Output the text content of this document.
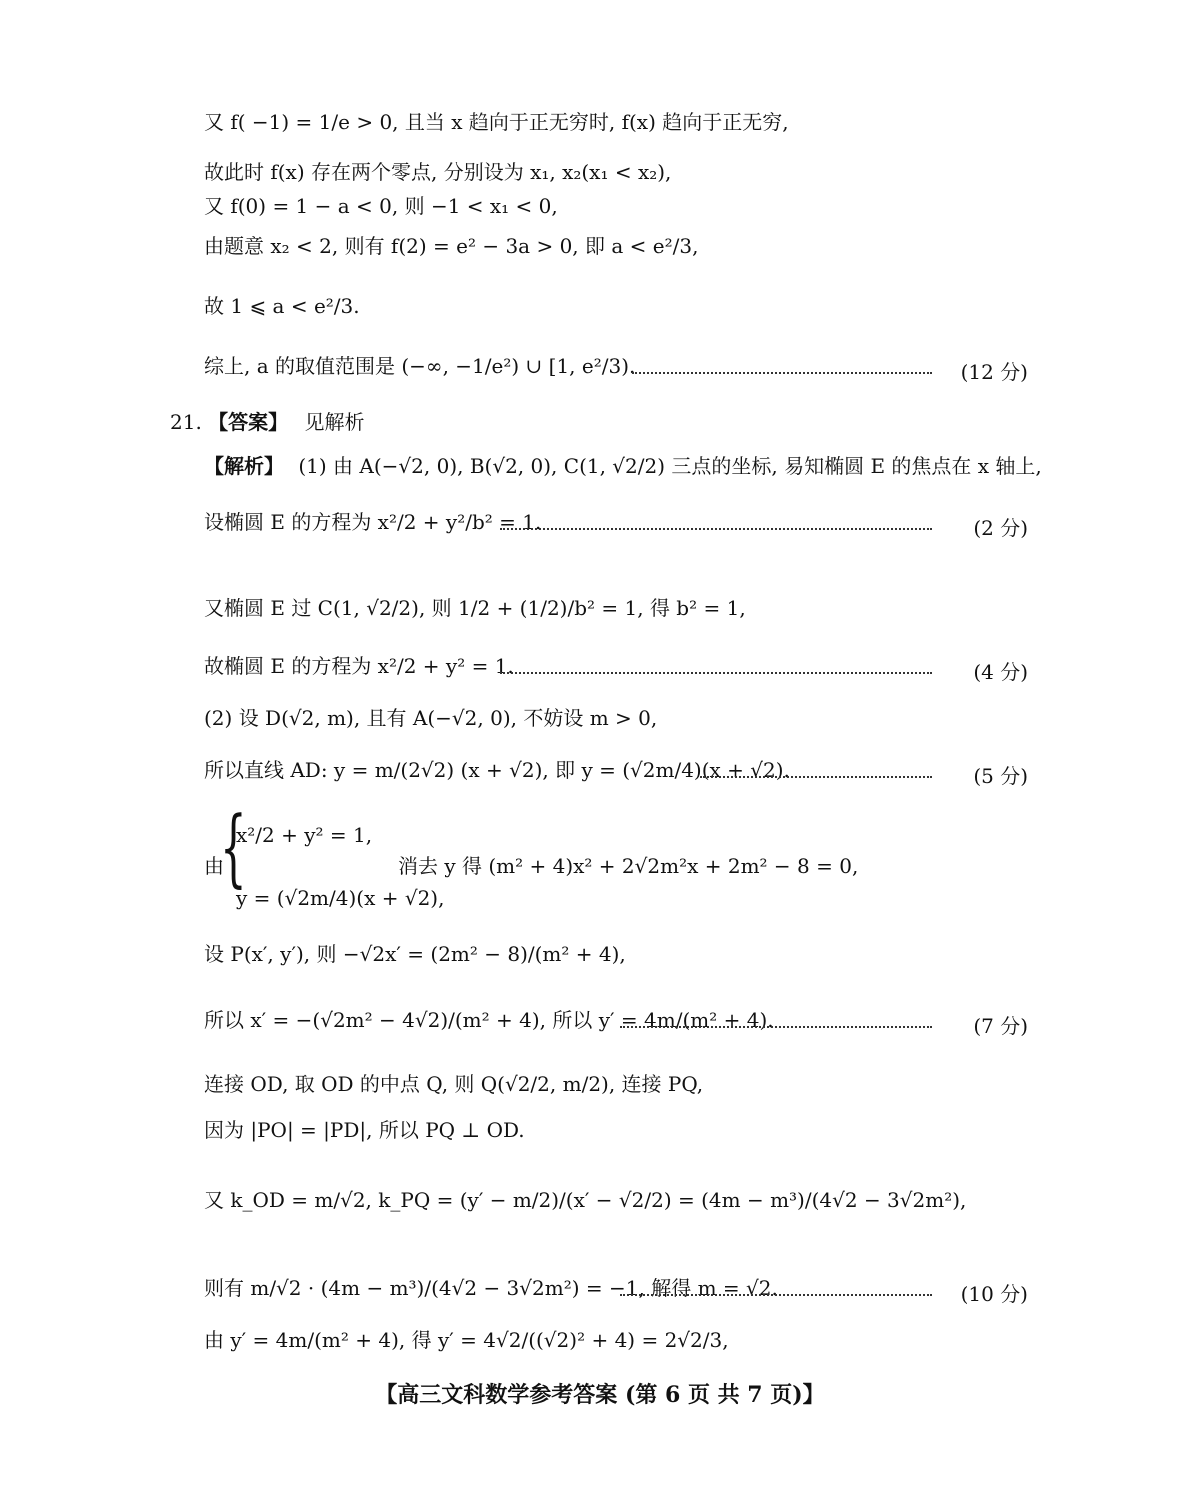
又 f( −1) = 1/e > 0, 且当 x 趋向于正无穷时, f(x) 趋向于正无穷,
故此时 f(x) 存在两个零点, 分别设为 x₁, x₂(x₁ < x₂),
又 f(0) = 1 − a < 0, 则 −1 < x₁ < 0,
由题意 x₂ < 2, 则有 f(2) = e² − 3a > 0, 即 a < e²/3,
故 1 ⩽ a < e²/3.
综上, a 的取值范围是 (−∞, −1/e²) ∪ [1, e²/3).	(12 分)
21. 【答案】 见解析
【解析】 (1) 由 A(−√2, 0), B(√2, 0), C(1, √2/2) 三点的坐标, 易知椭圆 E 的焦点在 x 轴上,
设椭圆 E 的方程为 x²/2 + y²/b² = 1.	(2 分)
又椭圆 E 过 C(1, √2/2), 则 1/2 + (1/2)/b² = 1, 得 b² = 1,
故椭圆 E 的方程为 x²/2 + y² = 1.	(4 分)
(2) 设 D(√2, m), 且有 A(−√2, 0), 不妨设 m > 0,
所以直线 AD: y = m/(2√2) (x + √2), 即 y = (√2m/4)(x + √2).	(5 分)
x²/2 + y² = 1,
由
{	消去 y 得 (m² + 4)x² + 2√2m²x + 2m² − 8 = 0,
y = (√2m/4)(x + √2),
设 P(x′, y′), 则 −√2x′ = (2m² − 8)/(m² + 4),
所以 x′ = −(√2m² − 4√2)/(m² + 4), 所以 y′ = 4m/(m² + 4).	(7 分)
连接 OD, 取 OD 的中点 Q, 则 Q(√2/2, m/2), 连接 PQ,
因为 |PO| = |PD|, 所以 PQ ⊥ OD.
又 k_OD = m/√2, k_PQ = (y′ − m/2)/(x′ − √2/2) = (4m − m³)/(4√2 − 3√2m²),
则有 m/√2 · (4m − m³)/(4√2 − 3√2m²) = −1, 解得 m = √2.	(10 分)
由 y′ = 4m/(m² + 4), 得 y′ = 4√2/((√2)² + 4) = 2√2/3,
【高三文科数学参考答案 (第 6 页 共 7 页)】
